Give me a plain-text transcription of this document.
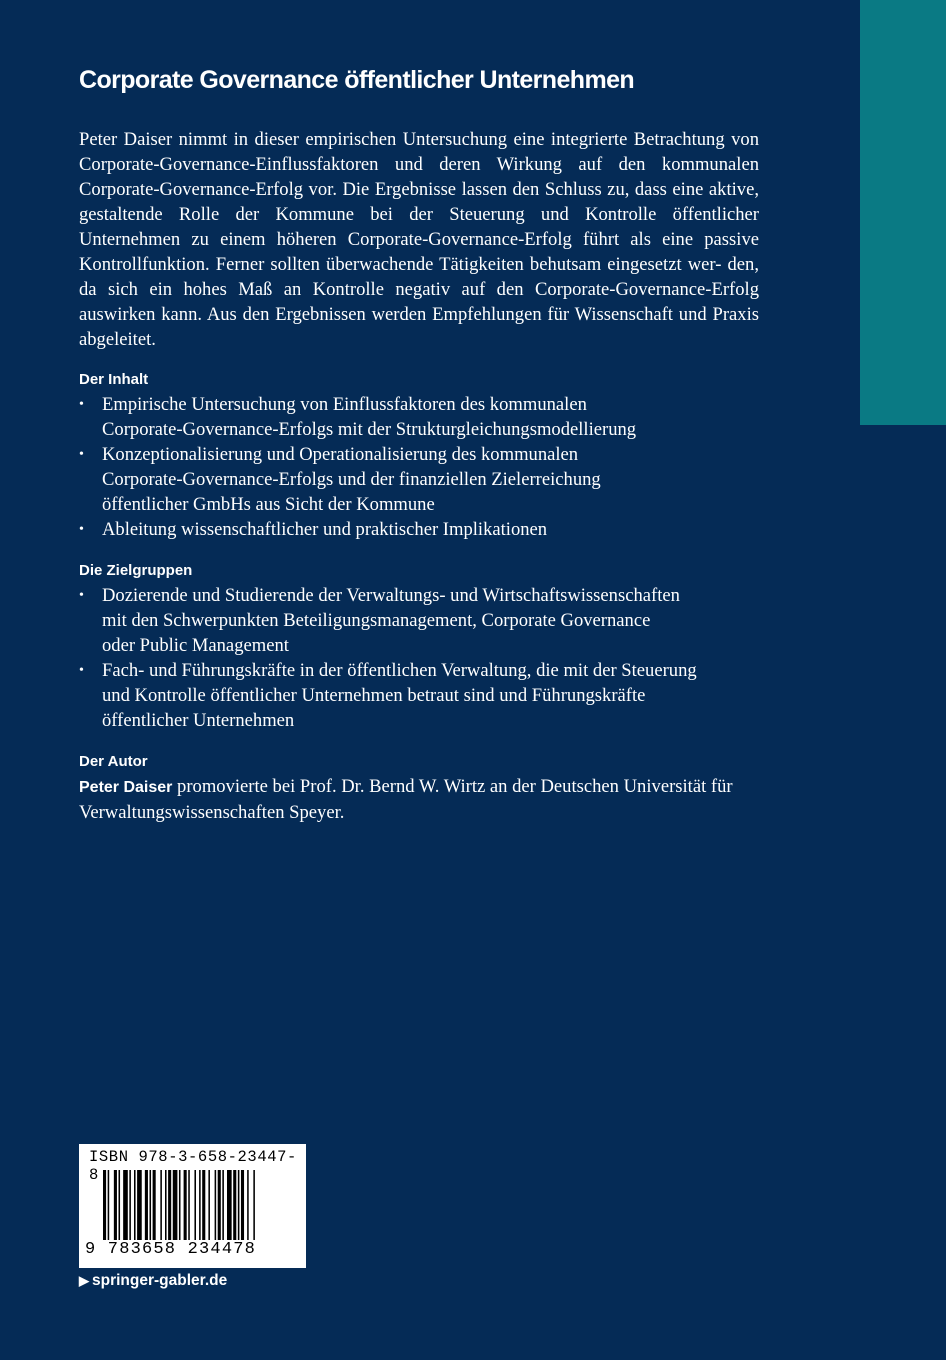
Corporate Governance öffentlicher Unternehmen

Peter Daiser nimmt in dieser empirischen Untersuchung eine integrierte Betrachtung von Corporate-Governance-Einflussfaktoren und deren Wirkung auf den kommunalen Corporate-Governance-Erfolg vor. Die Ergebnisse lassen den Schluss zu, dass eine aktive, gestaltende Rolle der Kommune bei der Steuerung und Kontrolle öffentlicher Unternehmen zu einem höheren Corporate-Governance-Erfolg führt als eine passive Kontrollfunktion. Ferner sollten überwachende Tätigkeiten behutsam eingesetzt wer- den, da sich ein hohes Maß an Kontrolle negativ auf den Corporate-Governance-Erfolg auswirken kann. Aus den Ergebnissen werden Empfehlungen für Wissenschaft und Praxis abgeleitet.

Der Inhalt
• Empirische Untersuchung von Einflussfaktoren des kommunalen
Corporate-Governance-Erfolgs mit der Strukturgleichungsmodellierung
• Konzeptionalisierung und Operationalisierung des kommunalen
Corporate-Governance-Erfolgs und der finanziellen Zielerreichung
öffentlicher GmbHs aus Sicht der Kommune
• Ableitung wissenschaftlicher und praktischer Implikationen
Die Zielgruppen
• Dozierende und Studierende der Verwaltungs- und Wirtschaftswissenschaften
mit den Schwerpunkten Beteiligungsmanagement, Corporate Governance
oder Public Management
• Fach- und Führungskräfte in der öffentlichen Verwaltung, die mit der Steuerung
und Kontrolle öffentlicher Unternehmen betraut sind und Führungskräfte
öffentlicher Unternehmen
Der Autor

Peter Daiser promovierte bei Prof. Dr. Bernd W. Wirtz an der Deutschen Universität für
Verwaltungswissenschaften Speyer.

ISBN 978-3-658-23447-8
9 783658 234478
▶ springer-gabler.de
